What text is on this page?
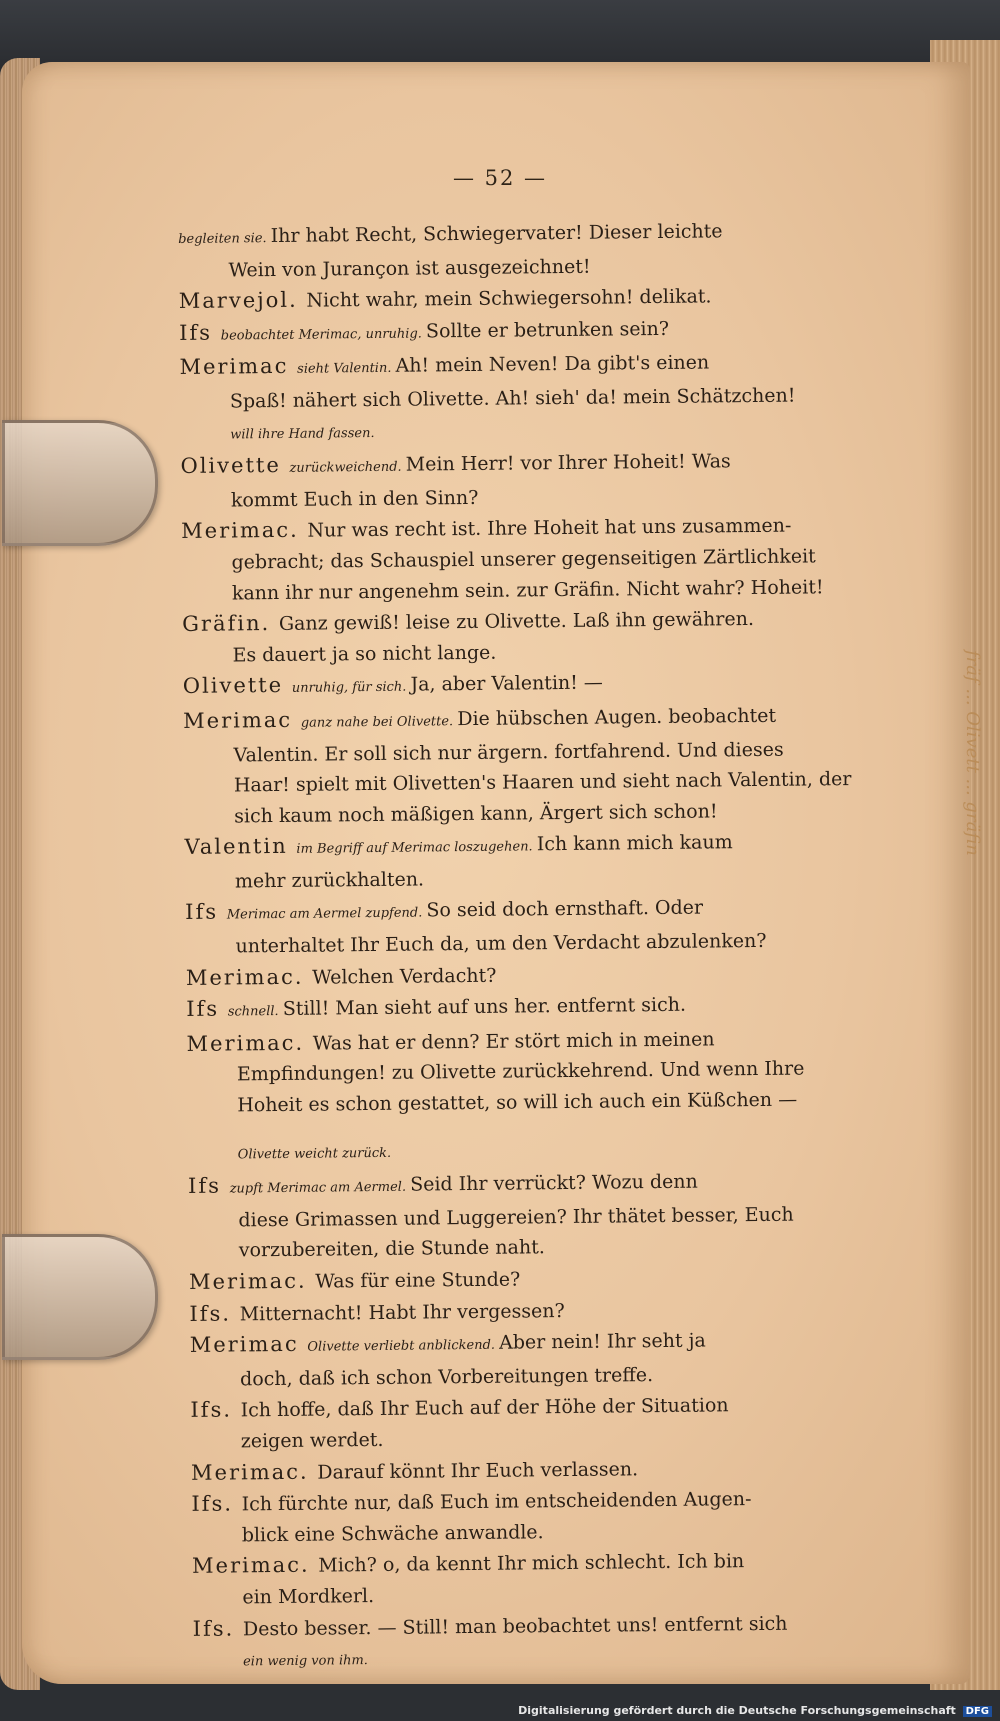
fräf ... Olivett ... gräfin
— 52 —
begleiten sie. Ihr habt Recht, Schwiegervater! Dieser leichte
Wein von Jurançon ist ausgezeichnet!
Marvejol. Nicht wahr, mein Schwiegersohn! delikat.
Ifs beobachtet Merimac, unruhig. Sollte er betrunken sein?
Merimac sieht Valentin. Ah! mein Neven! Da gibt's einen
Spaß! nähert sich Olivette. Ah! sieh' da! mein Schätzchen!
will ihre Hand fassen.
Olivette zurückweichend. Mein Herr! vor Ihrer Hoheit! Was
kommt Euch in den Sinn?
Merimac. Nur was recht ist. Ihre Hoheit hat uns zusammen-
gebracht; das Schauspiel unserer gegenseitigen Zärtlichkeit
kann ihr nur angenehm sein. zur Gräfin. Nicht wahr? Hoheit!
Gräfin. Ganz gewiß! leise zu Olivette. Laß ihn gewähren.
Es dauert ja so nicht lange.
Olivette unruhig, für sich. Ja, aber Valentin! —
Merimac ganz nahe bei Olivette. Die hübschen Augen. beobachtet
Valentin. Er soll sich nur ärgern. fortfahrend. Und dieses
Haar! spielt mit Olivetten's Haaren und sieht nach Valentin, der
sich kaum noch mäßigen kann, Ärgert sich schon!
Valentin im Begriff auf Merimac loszugehen. Ich kann mich kaum
mehr zurückhalten.
Ifs Merimac am Aermel zupfend. So seid doch ernsthaft. Oder
unterhaltet Ihr Euch da, um den Verdacht abzulenken?
Merimac. Welchen Verdacht?
Ifs schnell. Still! Man sieht auf uns her. entfernt sich.
Merimac. Was hat er denn? Er stört mich in meinen
Empfindungen! zu Olivette zurückkehrend. Und wenn Ihre
Hoheit es schon gestattet, so will ich auch ein Küßchen —
Olivette weicht zurück.
Ifs zupft Merimac am Aermel. Seid Ihr verrückt? Wozu denn
diese Grimassen und Luggereien? Ihr thätet besser, Euch
vorzubereiten, die Stunde naht.
Merimac. Was für eine Stunde?
Ifs. Mitternacht! Habt Ihr vergessen?
Merimac Olivette verliebt anblickend. Aber nein! Ihr seht ja
doch, daß ich schon Vorbereitungen treffe.
Ifs. Ich hoffe, daß Ihr Euch auf der Höhe der Situation
zeigen werdet.
Merimac. Darauf könnt Ihr Euch verlassen.
Ifs. Ich fürchte nur, daß Euch im entscheidenden Augen-
blick eine Schwäche anwandle.
Merimac. Mich? o, da kennt Ihr mich schlecht. Ich bin
ein Mordkerl.
Ifs. Desto besser. — Still! man beobachtet uns! entfernt sich
ein wenig von ihm.
Digitalisierung gefördert durch die Deutsche Forschungsgemeinschaft DFG
